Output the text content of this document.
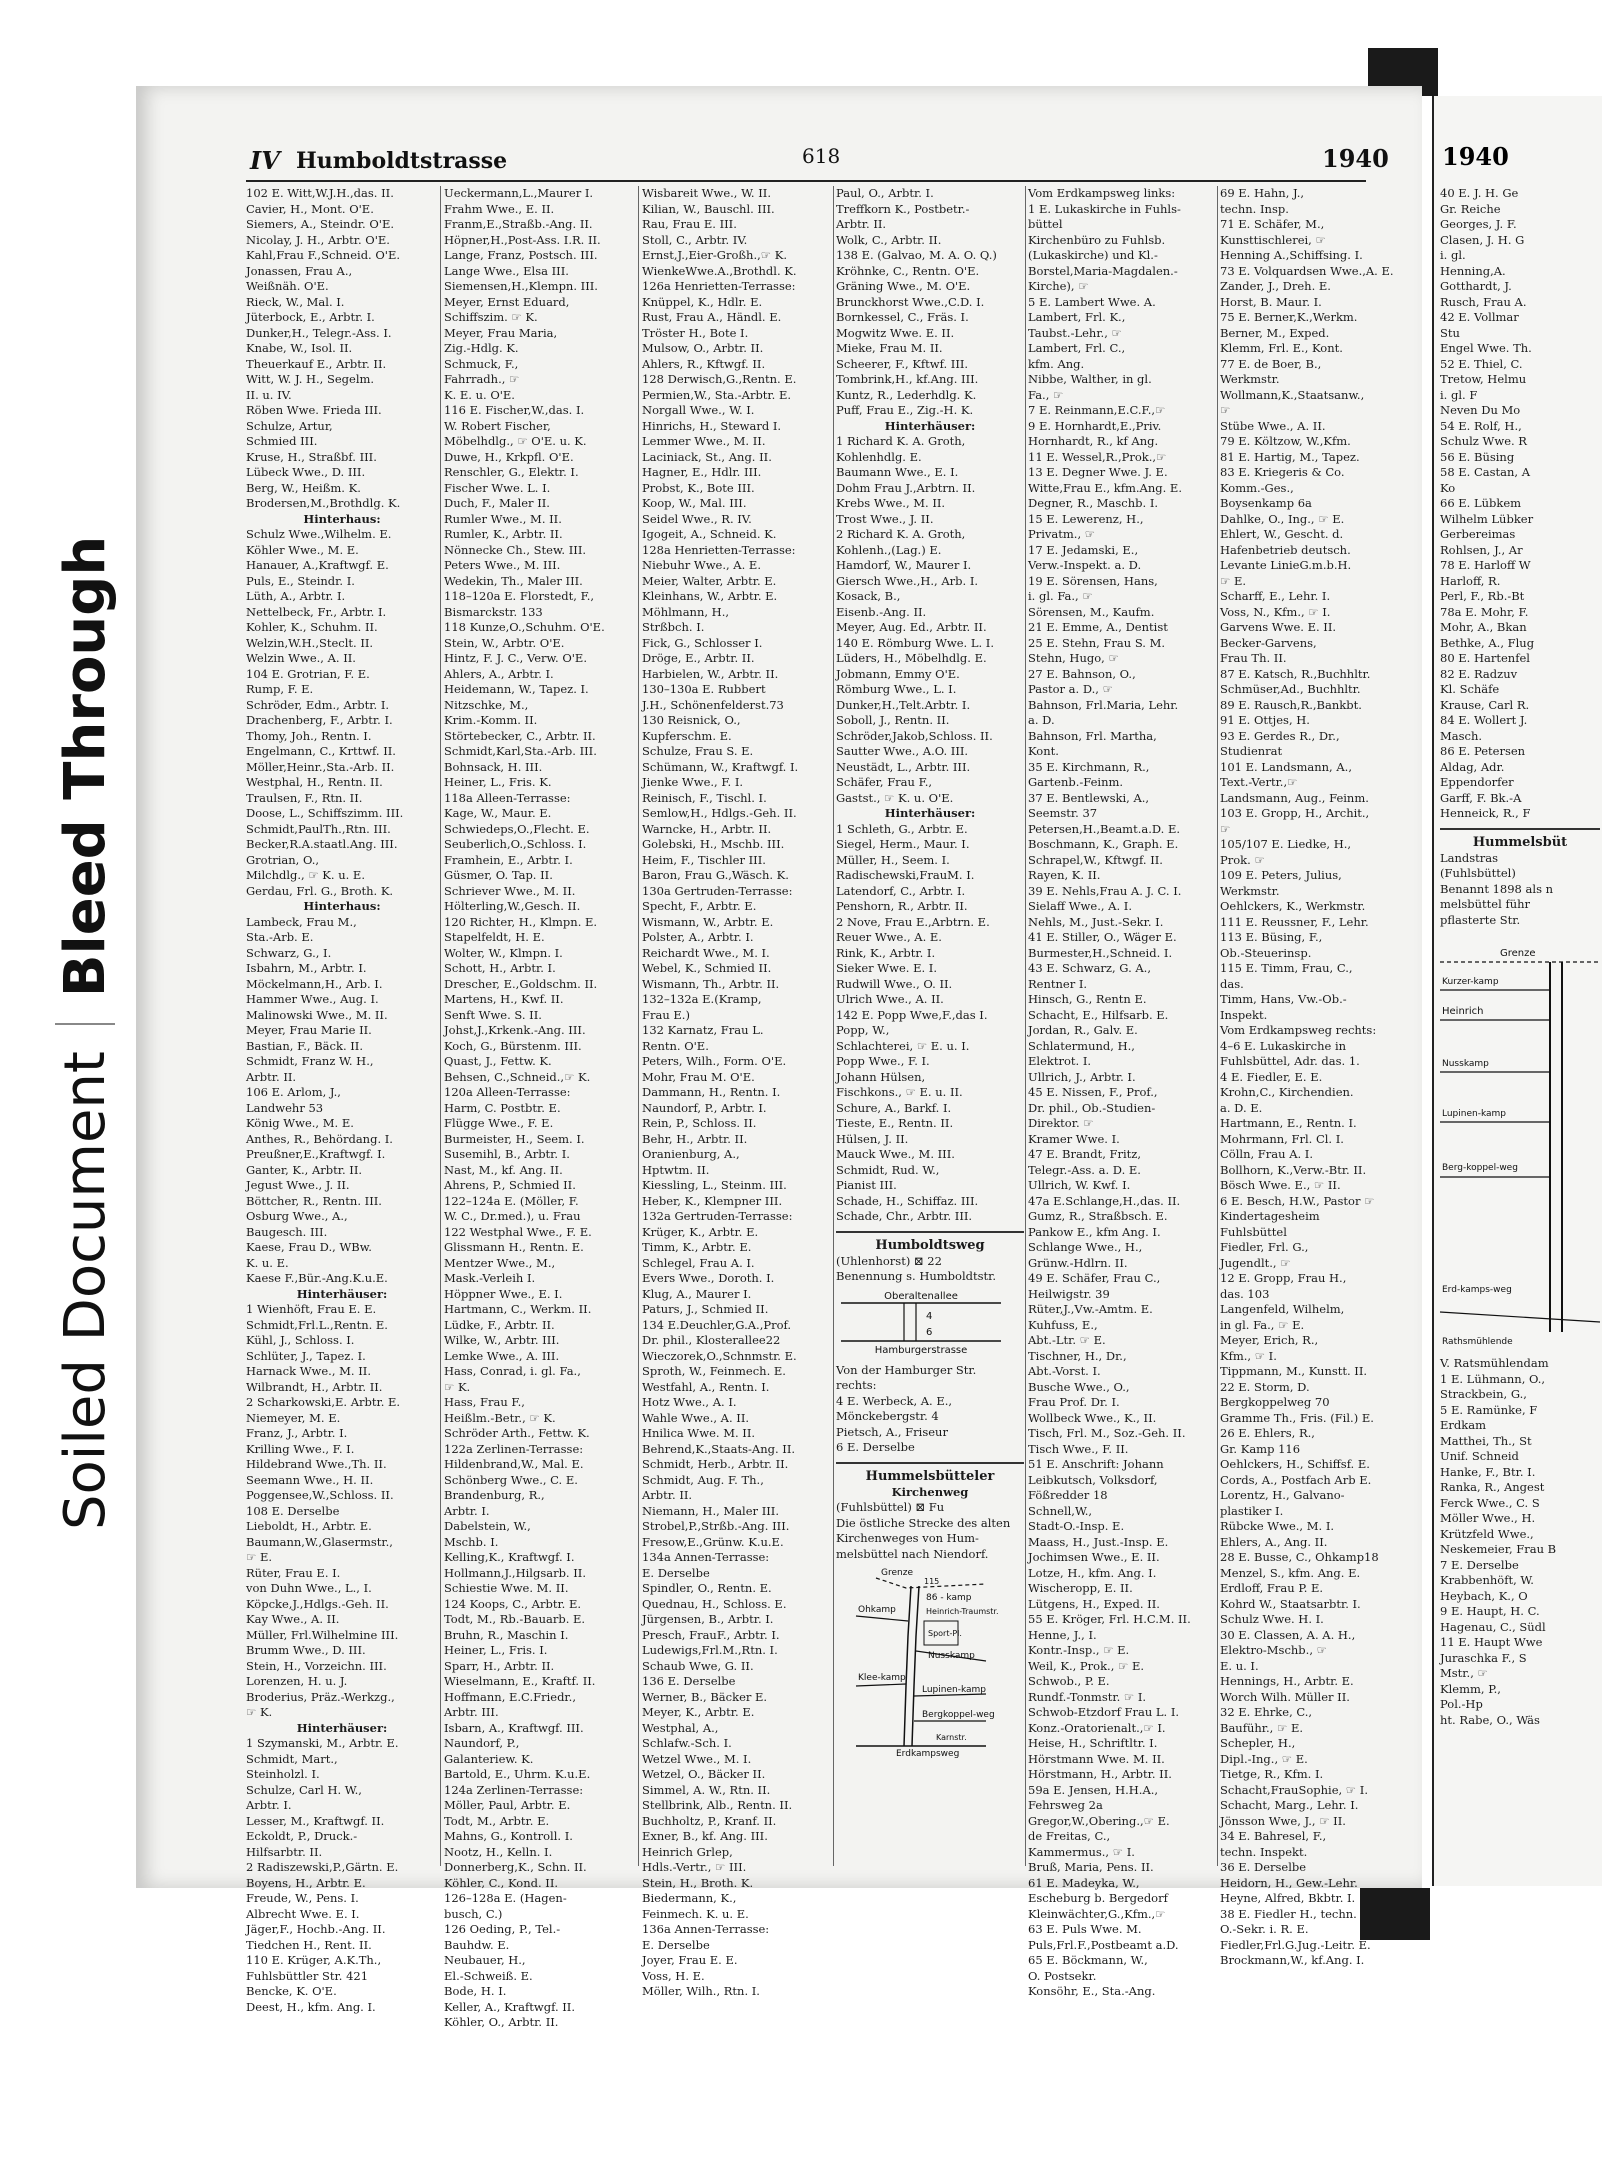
Soiled Document
Bleed Through
IV Humboldtstrasse	618	1940
102 E. Witt,W.J.H.,das. II.
Cavier, H., Mont. O'E.
Siemers, A., Steindr. O'E.
Nicolay, J. H., Arbtr. O'E.
Kahl,Frau F.,Schneid. O'E.
Jonassen, Frau A.,
Weißnäh. O'E.
Rieck, W., Mal. I.
Jüterbock, E., Arbtr. I.
Dunker,H., Telegr.-Ass. I.
Knabe, W., Isol. II.
Theuerkauf E., Arbtr. II.
Witt, W. J. H., Segelm.
II. u. IV.
Röben Wwe. Frieda III.
Schulze, Artur,
Schmied III.
Kruse, H., Straßbf. III.
Lübeck Wwe., D. III.
Berg, W., Heißm. K.
Brodersen,M.,Brothdlg. K.
Hinterhaus:
Schulz Wwe.,Wilhelm. E.
Köhler Wwe., M. E.
Hanauer, A.,Kraftwgf. E.
Puls, E., Steindr. I.
Lüth, A., Arbtr. I.
Nettelbeck, Fr., Arbtr. I.
Kohler, K., Schuhm. II.
Welzin,W.H.,Steclt. II.
Welzin Wwe., A. II.
104 E. Grotrian, F. E.
Rump, F. E.
Schröder, Edm., Arbtr. I.
Drachenberg, F., Arbtr. I.
Thomy, Joh., Rentn. I.
Engelmann, C., Krttwf. II.
Möller,Heinr.,Sta.-Arb. II.
Westphal, H., Rentn. II.
Traulsen, F., Rtn. II.
Doose, L., Schiffszimm. III.
Schmidt,PaulTh.,Rtn. III.
Becker,R.A.staatl.Ang. III.
Grotrian, O.,
Milchdlg., ☞ K. u. E.
Gerdau, Frl. G., Broth. K.
Hinterhaus:
Lambeck, Frau M.,
Sta.-Arb. E.
Schwarz, G., I.
Isbahrn, M., Arbtr. I.
Möckelmann,H., Arb. I.
Hammer Wwe., Aug. I.
Malinowski Wwe., M. II.
Meyer, Frau Marie II.
Bastian, F., Bäck. II.
Schmidt, Franz W. H.,
Arbtr. II.
106 E. Arlom, J.,
Landwehr 53
König Wwe., M. E.
Anthes, R., Behördang. I.
Preußner,E.,Kraftwgf. I.
Ganter, K., Arbtr. II.
Jegust Wwe., J. II.
Böttcher, R., Rentn. III.
Osburg Wwe., A.,
Baugesch. III.
Kaese, Frau D., WBw.
K. u. E.
Kaese F.,Bür.-Ang.K.u.E.
Hinterhäuser:
1 Wienhöft, Frau E. E.
Schmidt,Frl.L.,Rentn. E.
Kühl, J., Schloss. I.
Schlüter, J., Tapez. I.
Harnack Wwe., M. II.
Wilbrandt, H., Arbtr. II.
2 Scharkowski,E. Arbtr. E.
Niemeyer, M. E.
Franz, J., Arbtr. I.
Krilling Wwe., F. I.
Hildebrand Wwe.,Th. II.
Seemann Wwe., H. II.
Poggensee,W.,Schloss. II.
108 E. Derselbe
Lieboldt, H., Arbtr. E.
Baumann,W.,Glasermstr.,
☞ E.
Rüter, Frau E. I.
von Duhn Wwe., L., I.
Köpcke,J.,Hdlgs.-Geh. II.
Kay Wwe., A. II.
Müller, Frl.Wilhelmine III.
Brumm Wwe., D. III.
Stein, H., Vorzeichn. III.
Lorenzen, H. u. J.
Broderius, Präz.-Werkzg.,
☞ K.
Hinterhäuser:
1 Szymanski, M., Arbtr. E.
Schmidt, Mart.,
Steinholzl. I.
Schulze, Carl H. W.,
Arbtr. I.
Lesser, M., Kraftwgf. II.
Eckoldt, P., Druck.-
Hilfsarbtr. II.
2 Radiszewski,P.,Gärtn. E.
Boyens, H., Arbtr. E.
Freude, W., Pens. I.
Albrecht Wwe. E. I.
Jäger,F., Hochb.-Ang. II.
Tiedchen H., Rent. II.
110 E. Krüger, A.K.Th.,
Fuhlsbüttler Str. 421
Bencke, K. O'E.
Deest, H., kfm. Ang. I.
Ueckermann,L.,Maurer I.
Frahm Wwe., E. II.
Franm,E.,Straßb.-Ang. II.
Höpner,H.,Post-Ass. I.R. II.
Lange, Franz, Postsch. III.
Lange Wwe., Elsa III.
Siemensen,H.,Klempn. III.
Meyer, Ernst Eduard,
Schiffszim. ☞ K.
Meyer, Frau Maria,
Zig.-Hdlg. K.
Schmuck, F.,
Fahrradh., ☞
K. E. u. O'E.
116 E. Fischer,W.,das. I.
W. Robert Fischer,
Möbelhdlg., ☞ O'E. u. K.
Duwe, H., Krkpfl. O'E.
Renschler, G., Elektr. I.
Fischer Wwe. L. I.
Duch, F., Maler II.
Rumler Wwe., M. II.
Rumler, K., Arbtr. II.
Nönnecke Ch., Stew. III.
Peters Wwe., M. III.
Wedekin, Th., Maler III.
118–120a E. Florstedt, F.,
Bismarckstr. 133
118 Kunze,O.,Schuhm. O'E.
Stein, W., Arbtr. O'E.
Hintz, F. J. C., Verw. O'E.
Ahlers, A., Arbtr. I.
Heidemann, W., Tapez. I.
Nitzschke, M.,
Krim.-Komm. II.
Störtebecker, C., Arbtr. II.
Schmidt,Karl,Sta.-Arb. III.
Bohnsack, H. III.
Heiner, L., Fris. K.
118a Alleen-Terrasse:
Kage, W., Maur. E.
Schwiedeps,O.,Flecht. E.
Seuberlich,O.,Schloss. I.
Framhein, E., Arbtr. I.
Güsmer, O. Tap. II.
Schriever Wwe., M. II.
Hölterling,W.,Gesch. II.
120 Richter, H., Klmpn. E.
Stapelfeldt, H. E.
Wolter, W., Klmpn. I.
Schott, H., Arbtr. I.
Drescher, E.,Goldschm. II.
Martens, H., Kwf. II.
Senft Wwe. S. II.
Johst,J.,Krkenk.-Ang. III.
Koch, G., Bürstenm. III.
Quast, J., Fettw. K.
Behsen, C.,Schneid.,☞ K.
120a Alleen-Terrasse:
Harm, C. Postbtr. E.
Flügge Wwe., F. E.
Burmeister, H., Seem. I.
Susemihl, B., Arbtr. I.
Nast, M., kf. Ang. II.
Ahrens, P., Schmied II.
122–124a E. (Möller, F.
W. C., Dr.med.), u. Frau
122 Westphal Wwe., F. E.
Glissmann H., Rentn. E.
Mentzer Wwe., M.,
Mask.-Verleih I.
Höppner Wwe., E. I.
Hartmann, C., Werkm. II.
Lüdke, F., Arbtr. II.
Wilke, W., Arbtr. III.
Lemke Wwe., A. III.
Hass, Conrad, i. gl. Fa.,
☞ K.
Hass, Frau F.,
Heißlm.-Betr., ☞ K.
Schröder Arth., Fettw. K.
122a Zerlinen-Terrasse:
Hildenbrand,W., Mal. E.
Schönberg Wwe., C. E.
Brandenburg, R.,
Arbtr. I.
Dabelstein, W.,
Mschb. I.
Kelling,K., Kraftwgf. I.
Hollmann,J.,Hilgsarb. II.
Schiestie Wwe. M. II.
124 Koops, C., Arbtr. E.
Todt, M., Rb.-Bauarb. E.
Bruhn, R., Maschin I.
Heiner, L., Fris. I.
Sparr, H., Arbtr. II.
Wieselmann, E., Kraftf. II.
Hoffmann, E.C.Friedr.,
Arbtr. III.
Isbarn, A., Kraftwgf. III.
Naundorf, P.,
Galanteriew. K.
Bartold, E., Uhrm. K.u.E.
124a Zerlinen-Terrasse:
Möller, Paul, Arbtr. E.
Todt, M., Arbtr. E.
Mahns, G., Kontroll. I.
Nootz, H., Kelln. I.
Donnerberg,K., Schn. II.
Köhler, C., Kond. II.
126–128a E. (Hagen-
busch, C.)
126 Oeding, P., Tel.-
Bauhdw. E.
Neubauer, H.,
El.-Schweiß. E.
Bode, H. I.
Keller, A., Kraftwgf. II.
Köhler, O., Arbtr. II.
Wisbareit Wwe., W. II.
Kilian, W., Bauschl. III.
Rau, Frau E. III.
Stoll, C., Arbtr. IV.
Ernst,J.,Eier-Großh.,☞ K.
WienkeWwe.A.,Brothdl. K.
126a Henrietten-Terrasse:
Knüppel, K., Hdlr. E.
Rust, Frau A., Händl. E.
Tröster H., Bote I.
Mulsow, O., Arbtr. II.
Ahlers, R., Kftwgf. II.
128 Derwisch,G.,Rentn. E.
Permien,W., Sta.-Arbtr. E.
Norgall Wwe., W. I.
Hinrichs, H., Steward I.
Lemmer Wwe., M. II.
Laciniack, St., Ang. II.
Hagner, E., Hdlr. III.
Probst, K., Bote III.
Koop, W., Mal. III.
Seidel Wwe., R. IV.
Igogeit, A., Schneid. K.
128a Henrietten-Terrasse:
Niebuhr Wwe., A. E.
Meier, Walter, Arbtr. E.
Kleinhans, W., Arbtr. E.
Möhlmann, H.,
Strßbch. I.
Fick, G., Schlosser I.
Dröge, E., Arbtr. II.
Harbielen, W., Arbtr. II.
130–130a E. Rubbert
J.H., Schönenfelderst.73
130 Reisnick, O.,
Kupferschm. E.
Schulze, Frau S. E.
Schümann, W., Kraftwgf. I.
Jienke Wwe., F. I.
Reinisch, F., Tischl. I.
Semlow,H., Hdlgs.-Geh. II.
Warncke, H., Arbtr. II.
Golebski, H., Mschb. III.
Heim, F., Tischler III.
Baron, Frau G.,Wäsch. K.
130a Gertruden-Terrasse:
Specht, F., Arbtr. E.
Wismann, W., Arbtr. E.
Polster, A., Arbtr. I.
Reichardt Wwe., M. I.
Webel, K., Schmied II.
Wismann, Th., Arbtr. II.
132–132a E.(Kramp,
Frau E.)
132 Karnatz, Frau L.
Rentn. O'E.
Peters, Wilh., Form. O'E.
Mohr, Frau M. O'E.
Dammann, H., Rentn. I.
Naundorf, P., Arbtr. I.
Rein, P., Schloss. II.
Behr, H., Arbtr. II.
Oranienburg, A.,
Hptwtm. II.
Kiessling, L., Steinm. III.
Heber, K., Klempner III.
132a Gertruden-Terrasse:
Krüger, K., Arbtr. E.
Timm, K., Arbtr. E.
Schlegel, Frau A. I.
Evers Wwe., Doroth. I.
Klug, A., Maurer I.
Paturs, J., Schmied II.
134 E.Deuchler,G.A.,Prof.
Dr. phil., Klosterallee22
Wieczorek,O.,Schnmstr. E.
Sproth, W., Feinmech. E.
Westfahl, A., Rentn. I.
Hotz Wwe., A. I.
Wahle Wwe., A. II.
Hnilica Wwe. M. II.
Behrend,K.,Staats-Ang. II.
Schmidt, Herb., Arbtr. II.
Schmidt, Aug. F. Th.,
Arbtr. II.
Niemann, H., Maler III.
Strobel,P.,Strßb.-Ang. III.
Fresow,E.,Grünw. K.u.E.
134a Annen-Terrasse:
E. Derselbe
Spindler, O., Rentn. E.
Quednau, H., Schloss. E.
Jürgensen, B., Arbtr. I.
Presch, FrauF., Arbtr. I.
Ludewigs,Frl.M.,Rtn. I.
Schaub Wwe, G. II.
136 E. Derselbe
Werner, B., Bäcker E.
Meyer, K., Arbtr. E.
Westphal, A.,
Schlafw.-Sch. I.
Wetzel Wwe., M. I.
Wetzel, O., Bäcker II.
Simmel, A. W., Rtn. II.
Stellbrink, Alb., Rentn. II.
Buchholtz, P., Kranf. II.
Exner, B., kf. Ang. III.
Heinrich Grlep,
Hdls.-Vertr., ☞ III.
Stein, H., Broth. K.
Biedermann, K.,
Feinmech. K. u. E.
136a Annen-Terrasse:
E. Derselbe
Joyer, Frau E. E.
Voss, H. E.
Möller, Wilh., Rtn. I.
Paul, O., Arbtr. I.
Treffkorn K., Postbetr.-
Arbtr. II.
Wolk, C., Arbtr. II.
138 E. (Galvao, M. A. O. Q.)
Kröhnke, C., Rentn. O'E.
Gräning Wwe., M. O'E.
Brunckhorst Wwe.,C.D. I.
Bornkessel, C., Fräs. I.
Mogwitz Wwe. E. II.
Mieke, Frau M. II.
Scheerer, F., Kftwf. III.
Tombrink,H., kf.Ang. III.
Kuntz, R., Lederhdlg. K.
Puff, Frau E., Zig.-H. K.
Hinterhäuser:
1 Richard K. A. Groth,
Kohlenhdlg. E.
Baumann Wwe., E. I.
Dohm Frau J.,Arbtrn. II.
Krebs Wwe., M. II.
Trost Wwe., J. II.
2 Richard K. A. Groth,
Kohlenh.,(Lag.) E.
Hamdorf, W., Maurer I.
Giersch Wwe.,H., Arb. I.
Kosack, B.,
Eisenb.-Ang. II.
Meyer, Aug. Ed., Arbtr. II.
140 E. Römburg Wwe. L. I.
Lüders, H., Möbelhdlg. E.
Jobmann, Emmy O'E.
Römburg Wwe., L. I.
Dunker,H.,Telt.Arbtr. I.
Soboll, J., Rentn. II.
Schröder,Jakob,Schloss. II.
Sautter Wwe., A.O. III.
Neustädt, L., Arbtr. III.
Schäfer, Frau F.,
Gastst., ☞ K. u. O'E.
Hinterhäuser:
1 Schleth, G., Arbtr. E.
Siegel, Herm., Maur. I.
Müller, H., Seem. I.
Radischewski,FrauM. I.
Latendorf, C., Arbtr. I.
Penshorn, R., Arbtr. II.
2 Nove, Frau E.,Arbtrn. E.
Reuer Wwe., A. E.
Rink, K., Arbtr. I.
Sieker Wwe. E. I.
Rudwill Wwe., O. II.
Ulrich Wwe., A. II.
142 E. Popp Wwe,F.,das I.
Popp, W.,
Schlachterei, ☞ E. u. I.
Popp Wwe., F. I.
Johann Hülsen,
Fischkons., ☞ E. u. II.
Schure, A., Barkf. I.
Tieste, E., Rentn. II.
Hülsen, J. II.
Mauck Wwe., M. III.
Schmidt, Rud. W.,
Pianist III.
Schade, H., Schiffaz. III.
Schade, Chr., Arbtr. III.
Humboldtsweg
(Uhlenhorst) ⊠ 22
Benennung s. Humboldtstr.
Oberaltenallee
4
6
Hamburgerstrasse
Von der Hamburger Str.
rechts:
4 E. Werbeck, A. E.,
Mönckebergstr. 4
Pietsch, A., Friseur
6 E. Derselbe
Hummelsbütteler
Kirchenweg
(Fuhlsbüttel) ⊠ Fu
Die östliche Strecke des alten
Kirchenweges von Hum-
melsbüttel nach Niendorf.
Grenze
115
86 - kamp
Ohkamp	Heinrich-Traumstr.
Sport-Pl.
Nusskamp
Klee-kamp
Lupinen-kamp
Bergkoppel-weg
Karnstr.
Erdkampsweg
Vom Erdkampsweg links:
1 E. Lukaskirche in Fuhls-
büttel
Kirchenbüro zu Fuhlsb.
(Lukaskirche) und Kl.-
Borstel,Maria-Magdalen.-
Kirche), ☞
5 E. Lambert Wwe. A.
Lambert, Frl. K.,
Taubst.-Lehr., ☞
Lambert, Frl. C.,
kfm. Ang.
Nibbe, Walther, in gl.
Fa., ☞
7 E. Reinmann,E.C.F.,☞
9 E. Hornhardt,E.,Priv.
Hornhardt, R., kf Ang.
11 E. Wessel,R.,Prok.,☞
13 E. Degner Wwe. J. E.
Witte,Frau E., kfm.Ang. E.
Degner, R., Maschb. I.
15 E. Lewerenz, H.,
Privatm., ☞
17 E. Jedamski, E.,
Verw.-Inspekt. a. D.
19 E. Sörensen, Hans,
i. gl. Fa., ☞
Sörensen, M., Kaufm.
21 E. Emme, A., Dentist
25 E. Stehn, Frau S. M.
Stehn, Hugo, ☞
27 E. Bahnson, O.,
Pastor a. D., ☞
Bahnson, Frl.Maria, Lehr.
a. D.
Bahnson, Frl. Martha,
Kont.
35 E. Kirchmann, R.,
Gartenb.-Feinm.
37 E. Bentlewski, A.,
Seemstr. 37
Petersen,H.,Beamt.a.D. E.
Boschmann, K., Graph. E.
Schrapel,W., Kftwgf. II.
Rayen, K. II.
39 E. Nehls,Frau A. J. C. I.
Sielaff Wwe., A. I.
Nehls, M., Just.-Sekr. I.
41 E. Stiller, O., Wäger E.
Burmester,H.,Schneid. I.
43 E. Schwarz, G. A.,
Rentner I.
Hinsch, G., Rentn E.
Schacht, E., Hilfsarb. E.
Jordan, R., Galv. E.
Schlatermund, H.,
Elektrot. I.
Ullrich, J., Arbtr. I.
45 E. Nissen, F., Prof.,
Dr. phil., Ob.-Studien-
Direktor. ☞
Kramer Wwe. I.
47 E. Brandt, Fritz,
Telegr.-Ass. a. D. E.
Ullrich, W. Kwf. I.
47a E.Schlange,H.,das. II.
Gumz, R., Straßbsch. E.
Pankow E., kfm Ang. I.
Schlange Wwe., H.,
Grünw.-Hdlrn. II.
49 E. Schäfer, Frau C.,
Heilwigstr. 39
Rüter,J.,Vw.-Amtm. E.
Kuhfuss, E.,
Abt.-Ltr. ☞ E.
Tischner, H., Dr.,
Abt.-Vorst. I.
Busche Wwe., O.,
Frau Prof. Dr. I.
Wollbeck Wwe., K., II.
Tisch, Frl. M., Soz.-Geh. II.
Tisch Wwe., F. II.
51 E. Anschrift: Johann
Leibkutsch, Volksdorf,
Fößredder 18
Schnell,W.,
Stadt-O.-Insp. E.
Maass, H., Just.-Insp. E.
Jochimsen Wwe., E. II.
Lotze, H., kfm. Ang. I.
Wischeropp, E. II.
Lütgens, H., Exped. II.
55 E. Kröger, Frl. H.C.M. II.
Henne, J., I.
Kontr.-Insp., ☞ E.
Weil, K., Prok., ☞ E.
Schwob., P. E.
Rundf.-Tonmstr. ☞ I.
Schwob-Etzdorf Frau L. I.
Konz.-Oratorienalt.,☞ I.
Heise, H., Schriftltr. I.
Hörstmann Wwe. M. II.
Hörstmann, H., Arbtr. II.
59a E. Jensen, H.H.A.,
Fehrsweg 2a
Gregor,W.,Obering.,☞ E.
de Freitas, C.,
Kammermus., ☞ I.
Bruß, Maria, Pens. II.
61 E. Madeyka, W.,
Escheburg b. Bergedorf
Kleinwächter,G.,Kfm.,☞
63 E. Puls Wwe. M.
Puls,Frl.F.,Postbeamt a.D.
65 E. Böckmann, W.,
O. Postsekr.
Konsöhr, E., Sta.-Ang.
69 E. Hahn, J.,
techn. Insp.
71 E. Schäfer, M.,
Kunsttischlerei, ☞
Henning A.,Schiffsing. I.
73 E. Volquardsen Wwe.,A. E.
Zander, J., Dreh. E.
Horst, B. Maur. I.
75 E. Berner,K.,Werkm.
Berner, M., Exped.
Klemm, Frl. E., Kont.
77 E. de Boer, B.,
Werkmstr.
Wollmann,K.,Staatsanw.,
☞
Stübe Wwe., A. II.
79 E. Költzow, W.,Kfm.
81 E. Hartig, M., Tapez.
83 E. Kriegeris & Co.
Komm.-Ges.,
Boysenkamp 6a
Dahlke, O., Ing., ☞ E.
Ehlert, W., Gescht. d.
Hafenbetrieb deutsch.
Levante LinieG.m.b.H.
☞ E.
Scharff, E., Lehr. I.
Voss, N., Kfm., ☞ I.
Garvens Wwe. E. II.
Becker-Garvens,
Frau Th. II.
87 E. Katsch, R.,Buchhltr.
Schmüser,Ad., Buchhltr.
89 E. Rausch,R.,Bankbt.
91 E. Ottjes, H.
93 E. Gerdes R., Dr.,
Studienrat
101 E. Landsmann, A.,
Text.-Vertr.,☞
Landsmann, Aug., Feinm.
103 E. Gropp, H., Archit.,
☞
105/107 E. Liedke, H.,
Prok. ☞
109 E. Peters, Julius,
Werkmstr.
Oehlckers, K., Werkmstr.
111 E. Reussner, F., Lehr.
113 E. Büsing, F.,
Ob.-Steuerinsp.
115 E. Timm, Frau, C.,
das.
Timm, Hans, Vw.-Ob.-
Inspekt.
Vom Erdkampsweg rechts:
4–6 E. Lukaskirche in
Fuhlsbüttel, Adr. das. 1.
4 E. Fiedler, E. E.
Krohn,C., Kirchendien.
a. D. E.
Hartmann, E., Rentn. I.
Mohrmann, Frl. Cl. I.
Cölln, Frau A. I.
Bollhorn, K.,Verw.-Btr. II.
Bösch Wwe. E., ☞ II.
6 E. Besch, H.W., Pastor ☞
Kindertagesheim
Fuhlsbüttel
Fiedler, Frl. G.,
Jugendlt., ☞
12 E. Gropp, Frau H.,
das. 103
Langenfeld, Wilhelm,
in gl. Fa., ☞ E.
Meyer, Erich, R.,
Kfm., ☞ I.
Tippmann, M., Kunstt. II.
22 E. Storm, D.
Bergkoppelweg 70
Gramme Th., Fris. (Fil.) E.
26 E. Ehlers, R.,
Gr. Kamp 116
Oehlckers, H., Schiffsf. E.
Cords, A., Postfach Arb E.
Lorentz, H., Galvano-
plastiker I.
Rübcke Wwe., M. I.
Ehlers, A., Ang. II.
28 E. Busse, C., Ohkamp18
Menzel, S., kfm. Ang. E.
Erdloff, Frau P. E.
Kohrd W., Staatsarbtr. I.
Schulz Wwe. H. I.
30 E. Classen, A. A. H.,
Elektro-Mschb., ☞
E. u. I.
Hennings, H., Arbtr. E.
Worch Wilh. Müller II.
32 E. Ehrke, C.,
Bauführ., ☞ E.
Schepler, H.,
Dipl.-Ing., ☞ E.
Tietge, R., Kfm. I.
Schacht,FrauSophie, ☞ I.
Schacht, Marg., Lehr. I.
Jönsson Wwe, J., ☞ II.
34 E. Bahresel, F.,
techn. Inspekt.
36 E. Derselbe
Heidorn, H., Gew.-Lehr.
Heyne, Alfred, Bkbtr. I.
38 E. Fiedler H., techn.
O.-Sekr. i. R. E.
Fiedler,Frl.G.Jug.-Leitr. E.
Brockmann,W., kf.Ang. I.
1940
40 E. J. H. Ge
Gr. Reiche
Georges, J. F.
Clasen, J. H. G
i. gl.
Henning,A.
Gotthardt, J.
Rusch, Frau A.
42 E. Vollmar
Stu
Engel Wwe. Th.
52 E. Thiel, C.
Tretow, Helmu
i. gl. F
Neven Du Mo
54 E. Rolf, H.,
Schulz Wwe. R
56 E. Büsing
58 E. Castan, A
Ko
66 E. Lübkem
Wilhelm Lübker
Gerbereimas
Rohlsen, J., Ar
78 E. Harloff W
Harloff, R.
Perl, F., Rb.-Bt
78a E. Mohr, F.
Mohr, A., Bkan
Bethke, A., Flug
80 E. Hartenfel
82 E. Radzuv
Kl. Schäfe
Krause, Carl R.
84 E. Wollert J.
Masch.
86 E. Petersen
Aldag, Adr.
Eppendorfer
Garff, F. Bk.-A
Henneick, R., F
Hummelsbüt
Landstras
(Fuhlsbüttel)
Benannt 1898 als n
melsbüttel führ
pflasterte Str.
Grenze
Kurzer-kamp
Heinrich
Nusskamp
Lupinen-kamp
Berg-koppel-weg
Erd-kamps-weg
Rathsmühlende
V. Ratsmühlendam
1 E. Lühmann, O.,
Strackbein, G.,
5 E. Ramünke, F
Erdkam
Matthei, Th., St
Unif. Schneid
Hanke, F., Btr. I.
Ranka, R., Angest
Ferck Wwe., C. S
Möller Wwe., H.
Krützfeld Wwe.,
Neskemeier, Frau B
7 E. Derselbe
Krabbenhöft, W.
Heybach, K., O
9 E. Haupt, H. C.
Hagenau, C., Südl
11 E. Haupt Wwe
Juraschka F., S
Mstr., ☞
Klemm, P.,
Pol.-Hp
ht. Rabe, O., Wäs
